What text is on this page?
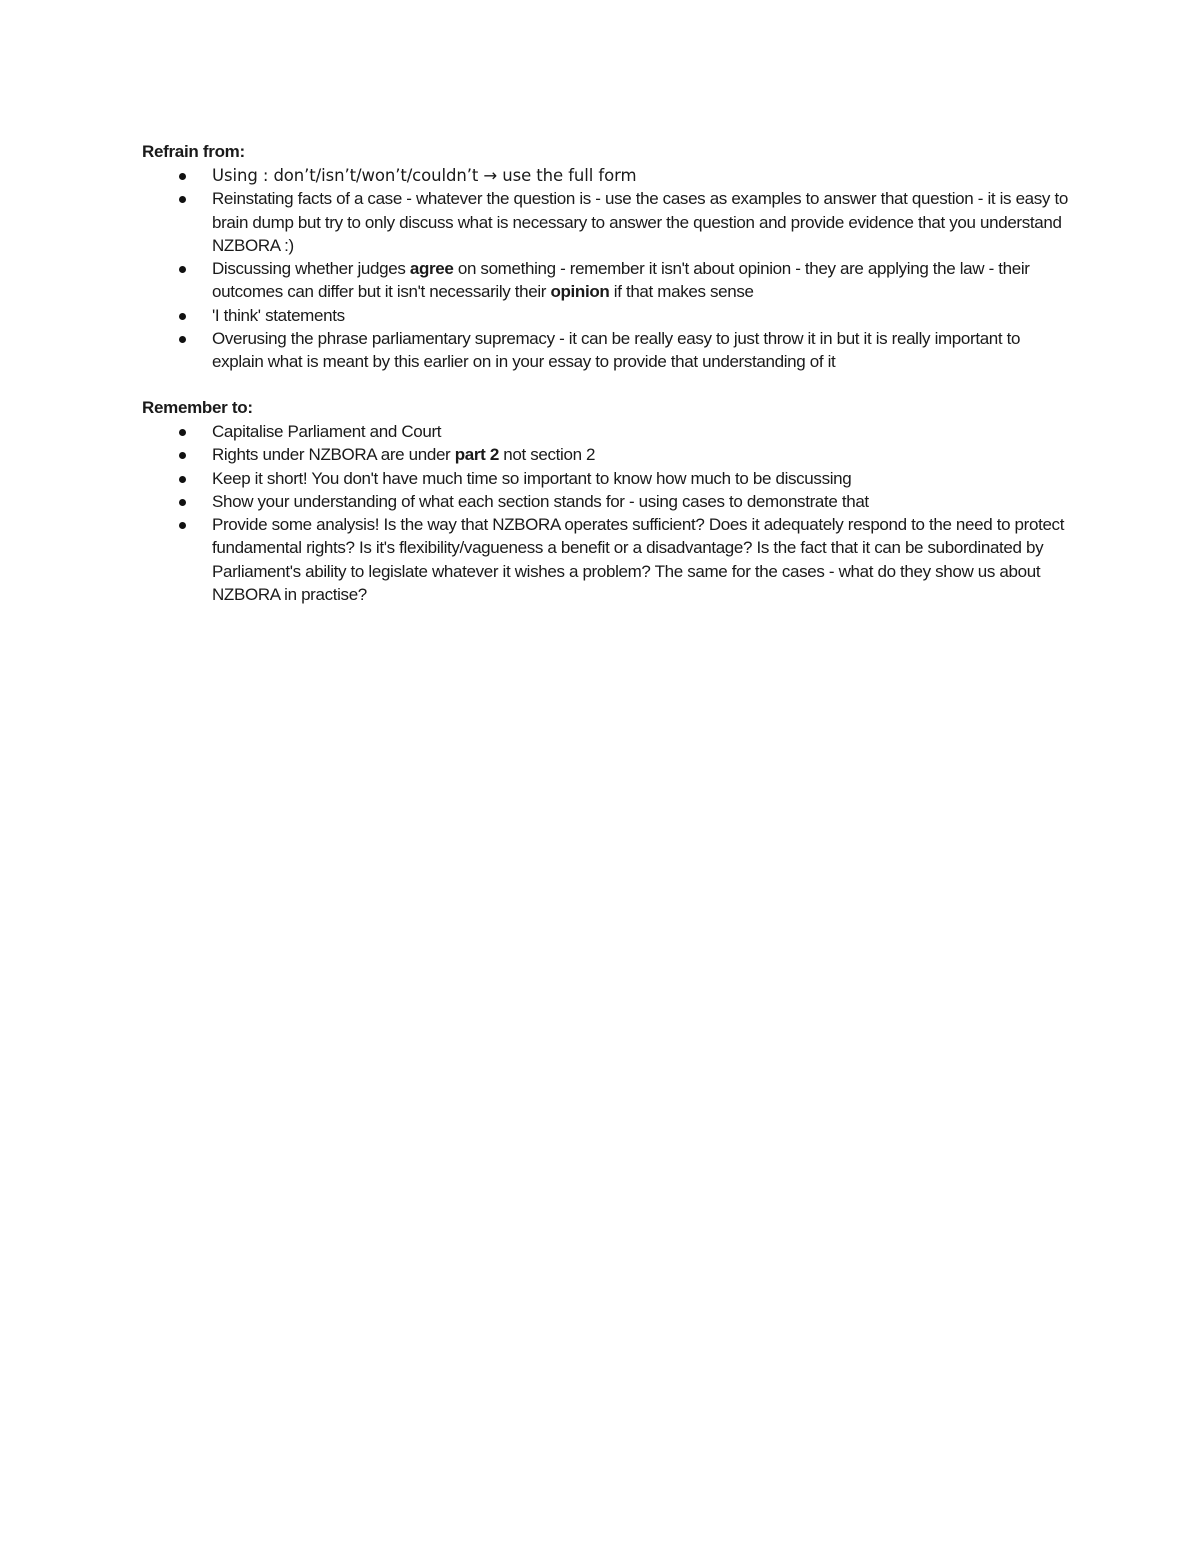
Refrain from:

Using : don’t/isn’t/won’t/couldn’t → use the full form
Reinstating facts of a case - whatever the question is - use the cases as examples to answer that question - it is easy to brain dump but try to only discuss what is necessary to answer the question and provide evidence that you understand NZBORA :)
Discussing whether judges agree on something - remember it isn't about opinion - they are applying the law - their outcomes can differ but it isn't necessarily their opinion if that makes sense
'I think' statements
Overusing the phrase parliamentary supremacy - it can be really easy to just throw it in but it is really important to explain what is meant by this earlier on in your essay to provide that understanding of it

Remember to:

Capitalise Parliament and Court
Rights under NZBORA are under part 2 not section 2
Keep it short! You don't have much time so important to know how much to be discussing
Show your understanding of what each section stands for - using cases to demonstrate that
Provide some analysis! Is the way that NZBORA operates sufficient? Does it adequately respond to the need to protect fundamental rights? Is it's flexibility/vagueness a benefit or a disadvantage? Is the fact that it can be subordinated by Parliament's ability to legislate whatever it wishes a problem? The same for the cases - what do they show us about NZBORA in practise?
